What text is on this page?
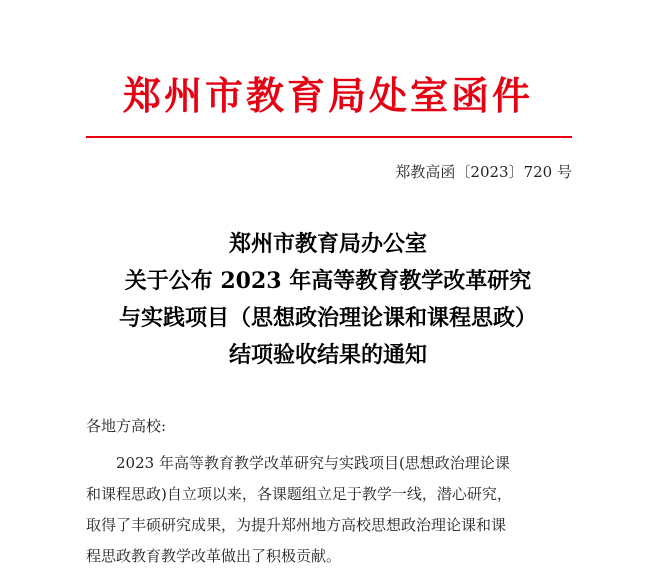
郑州市教育局处室函件
郑教高函〔2023〕720 号
郑州市教育局办公室
关于公布 2023 年高等教育教学改革研究
与实践项目（思想政治理论课和课程思政）
结项验收结果的通知
各地方高校:
2023 年高等教育教学改革研究与实践项目(思想政治理论课
和课程思政)自立项以来，各课题组立足于教学一线，潜心研究，
取得了丰硕研究成果，为提升郑州地方高校思想政治理论课和课
程思政教育教学改革做出了积极贡献。
